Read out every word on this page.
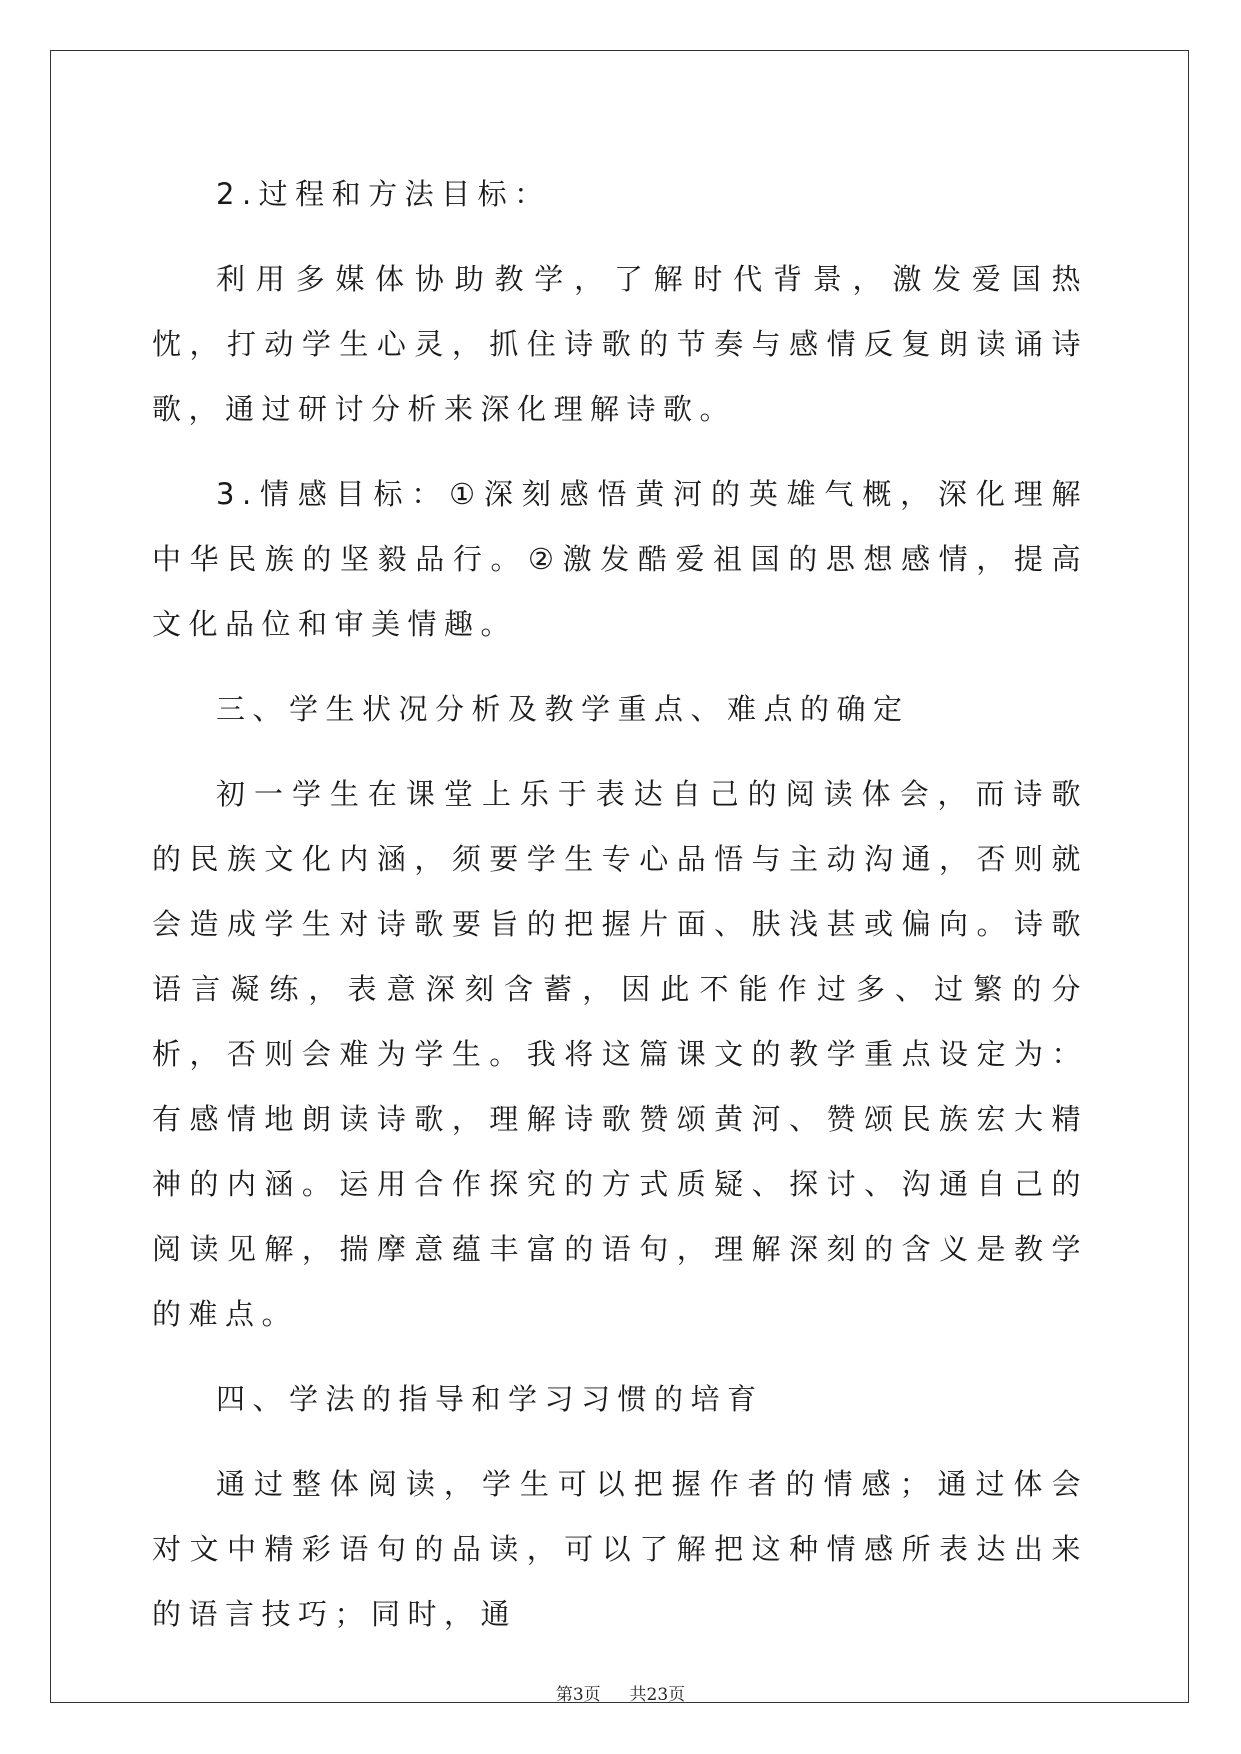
2.过程和方法目标：

利用多媒体协助教学，了解时代背景，激发爱国热忱，打动学生心灵，抓住诗歌的节奏与感情反复朗读诵诗歌，通过研讨分析来深化理解诗歌。

3.情感目标：①深刻感悟黄河的英雄气概，深化理解中华民族的坚毅品行。②激发酷爱祖国的思想感情，提高文化品位和审美情趣。

三、学生状况分析及教学重点、难点的确定

初一学生在课堂上乐于表达自己的阅读体会，而诗歌的民族文化内涵，须要学生专心品悟与主动沟通，否则就会造成学生对诗歌要旨的把握片面、肤浅甚或偏向。诗歌语言凝练，表意深刻含蓄，因此不能作过多、过繁的分析，否则会难为学生。我将这篇课文的教学重点设定为：有感情地朗读诗歌，理解诗歌赞颂黄河、赞颂民族宏大精神的内涵。运用合作探究的方式质疑、探讨、沟通自己的阅读见解，揣摩意蕴丰富的语句，理解深刻的含义是教学的难点。

四、学法的指导和学习习惯的培育

通过整体阅读，学生可以把握作者的情感；通过体会对文中精彩语句的品读，可以了解把这种情感所表达出来的语言技巧；同时，通

第3页 共23页
